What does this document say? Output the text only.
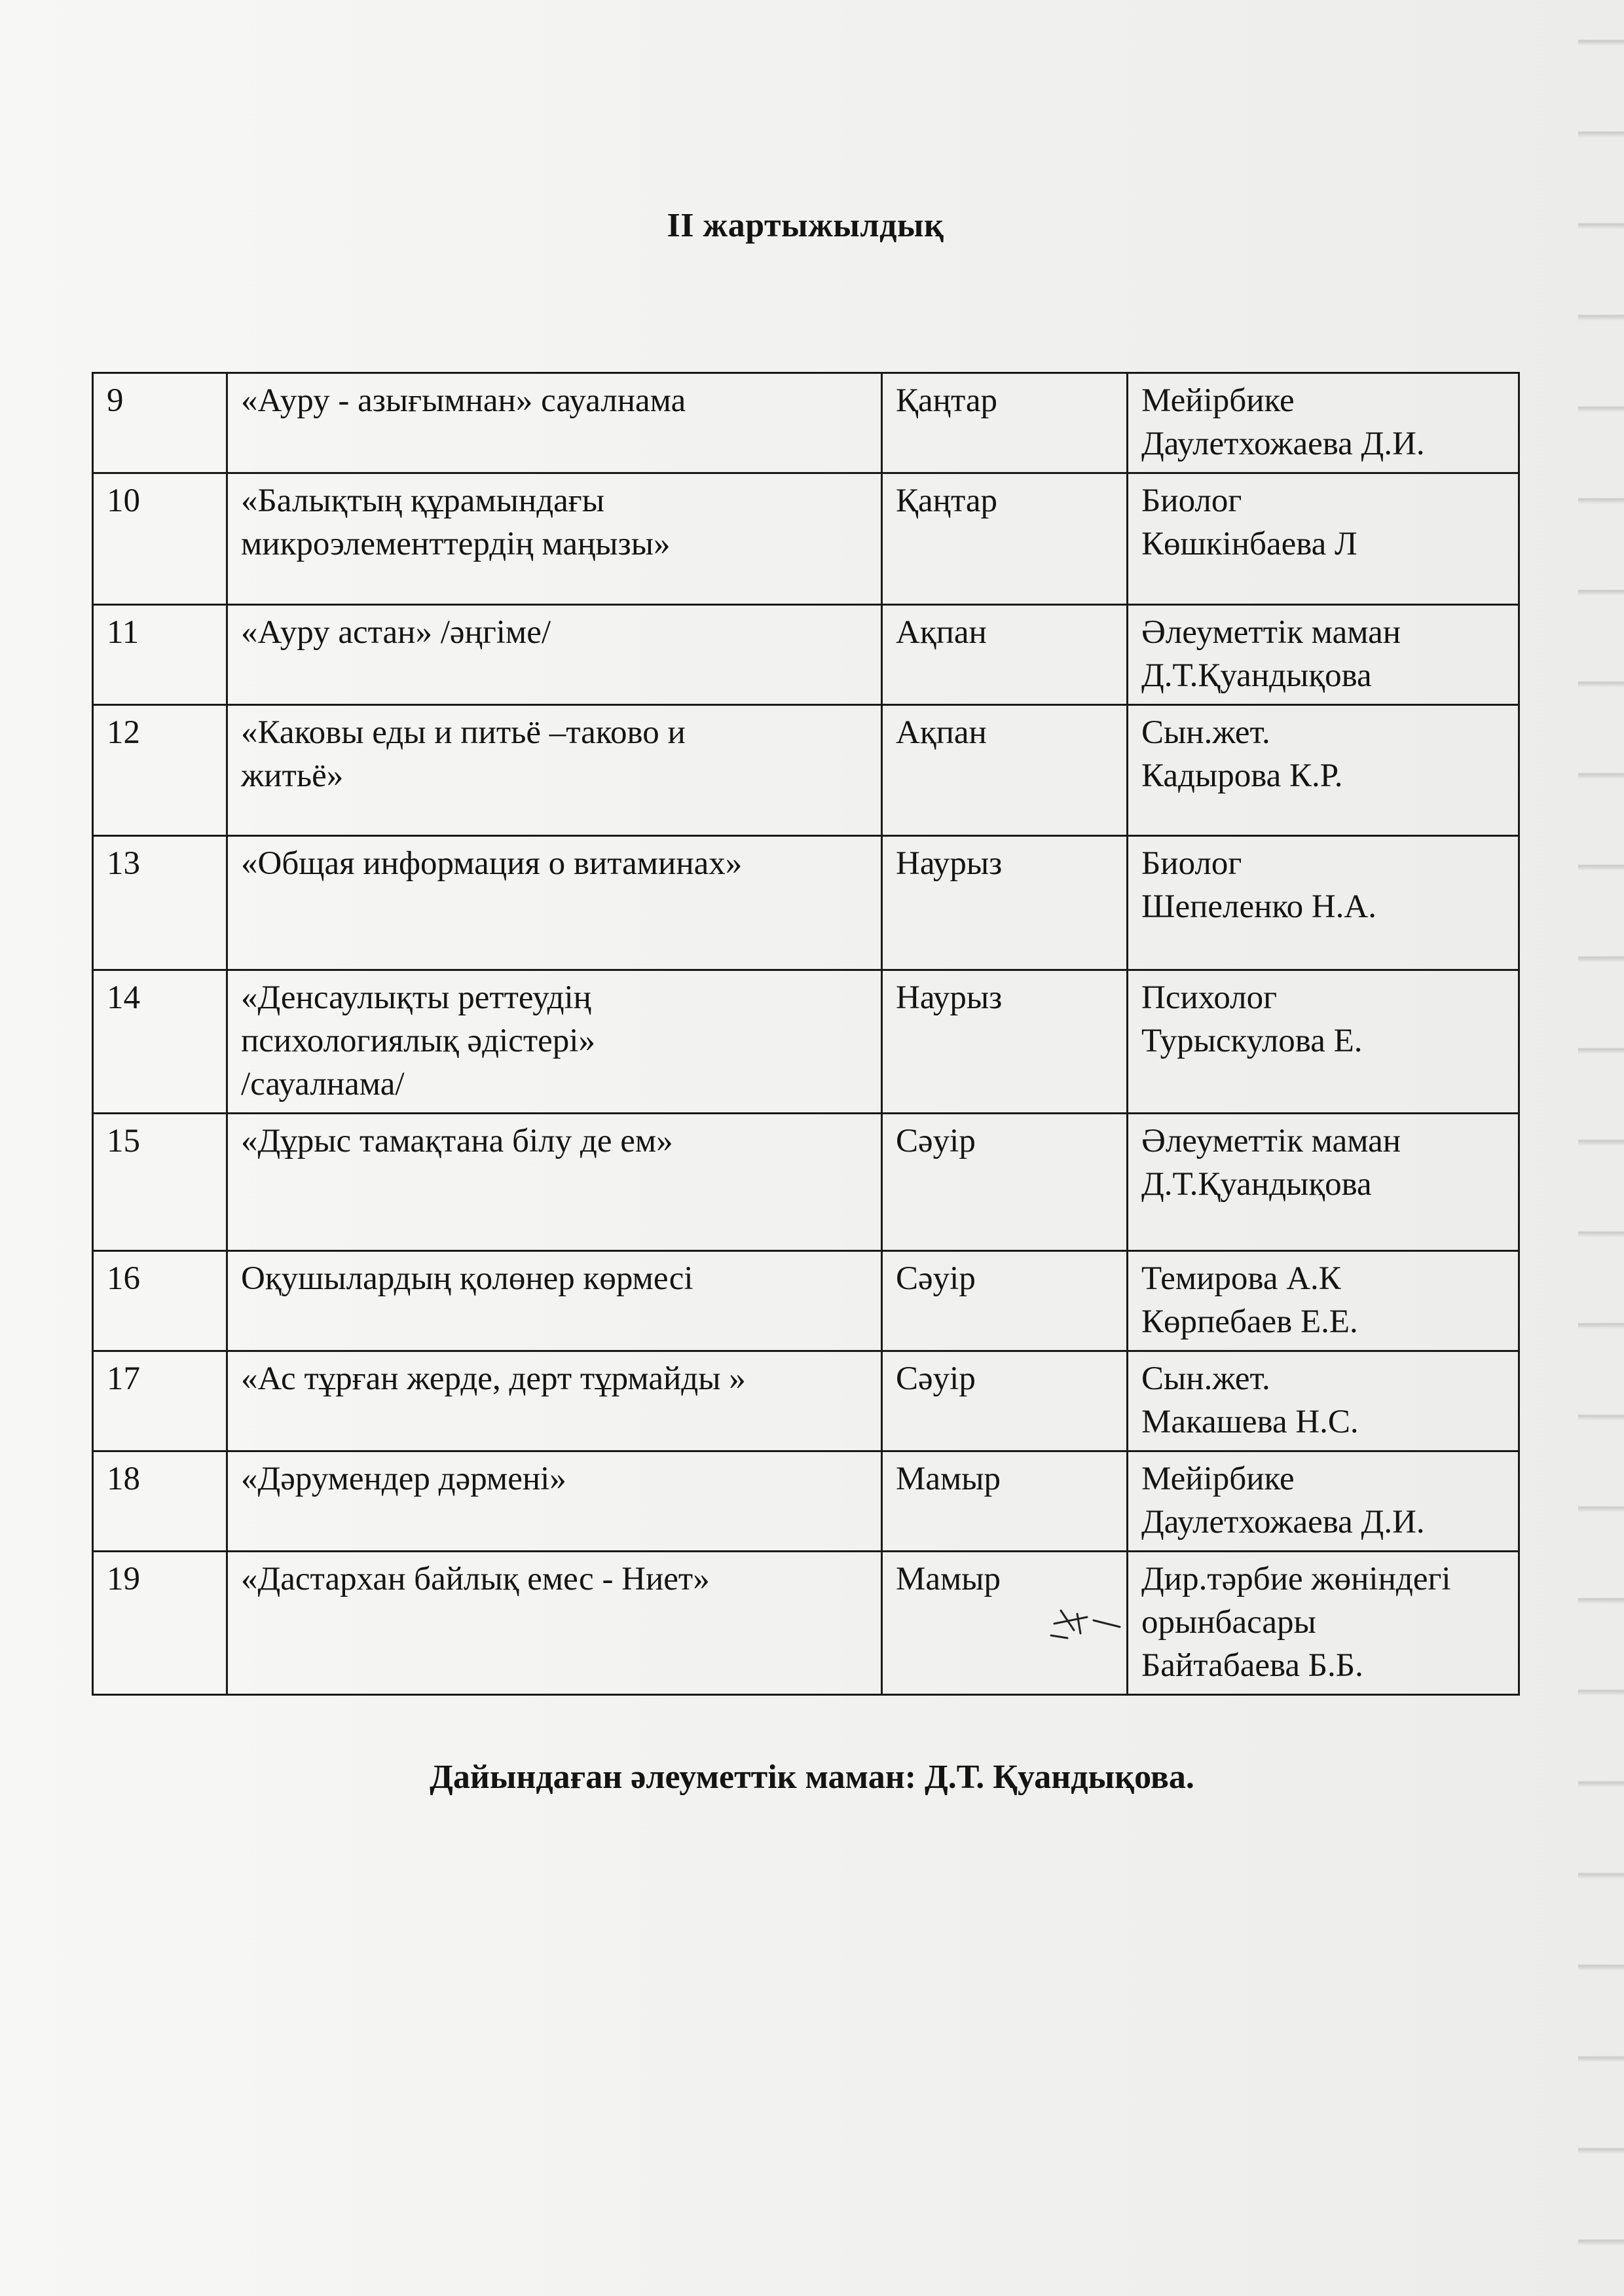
II жартыжылдық
9	«Ауру - азығымнан» сауалнама	Қаңтар	Мейірбике
Даулетхожаева Д.И.

10	«Балықтың құрамындағы
микроэлементтердің маңызы»	Қаңтар	Биолог
Көшкінбаева Л

11	«Ауру астан» /әңгіме/	Ақпан	Әлеуметтік маман
Д.Т.Қуандықова

12	«Каковы еды и питьё –таково и
житьё»	Ақпан	Сын.жет.
Кадырова К.Р.

13	«Общая информация о витаминах»	Наурыз	Биолог
Шепеленко Н.А.

14	«Денсаулықты реттеудің
психологиялық әдістері»
/сауалнама/	Наурыз	Психолог
Турыскулова Е.

15	«Дұрыс тамақтана білу де ем»	Сәуір	Әлеуметтік маман
Д.Т.Қуандықова

16	Оқушылардың қолөнер көрмесі	Сәуір	Темирова А.К
Көрпебаев Е.Е.

17	«Ас тұрған жерде, дерт тұрмайды »	Сәуір	Сын.жет.
Макашева Н.С.

18	«Дәрумендер дәрмені»	Мамыр	Мейірбике
Даулетхожаева Д.И.

19	«Дастархан байлық емес - Ниет»	Мамыр	Дир.тәрбие жөніндегі
орынбасары
Байтабаева Б.Б.
Дайындаған әлеуметтік маман: Д.Т. Қуандықова.
